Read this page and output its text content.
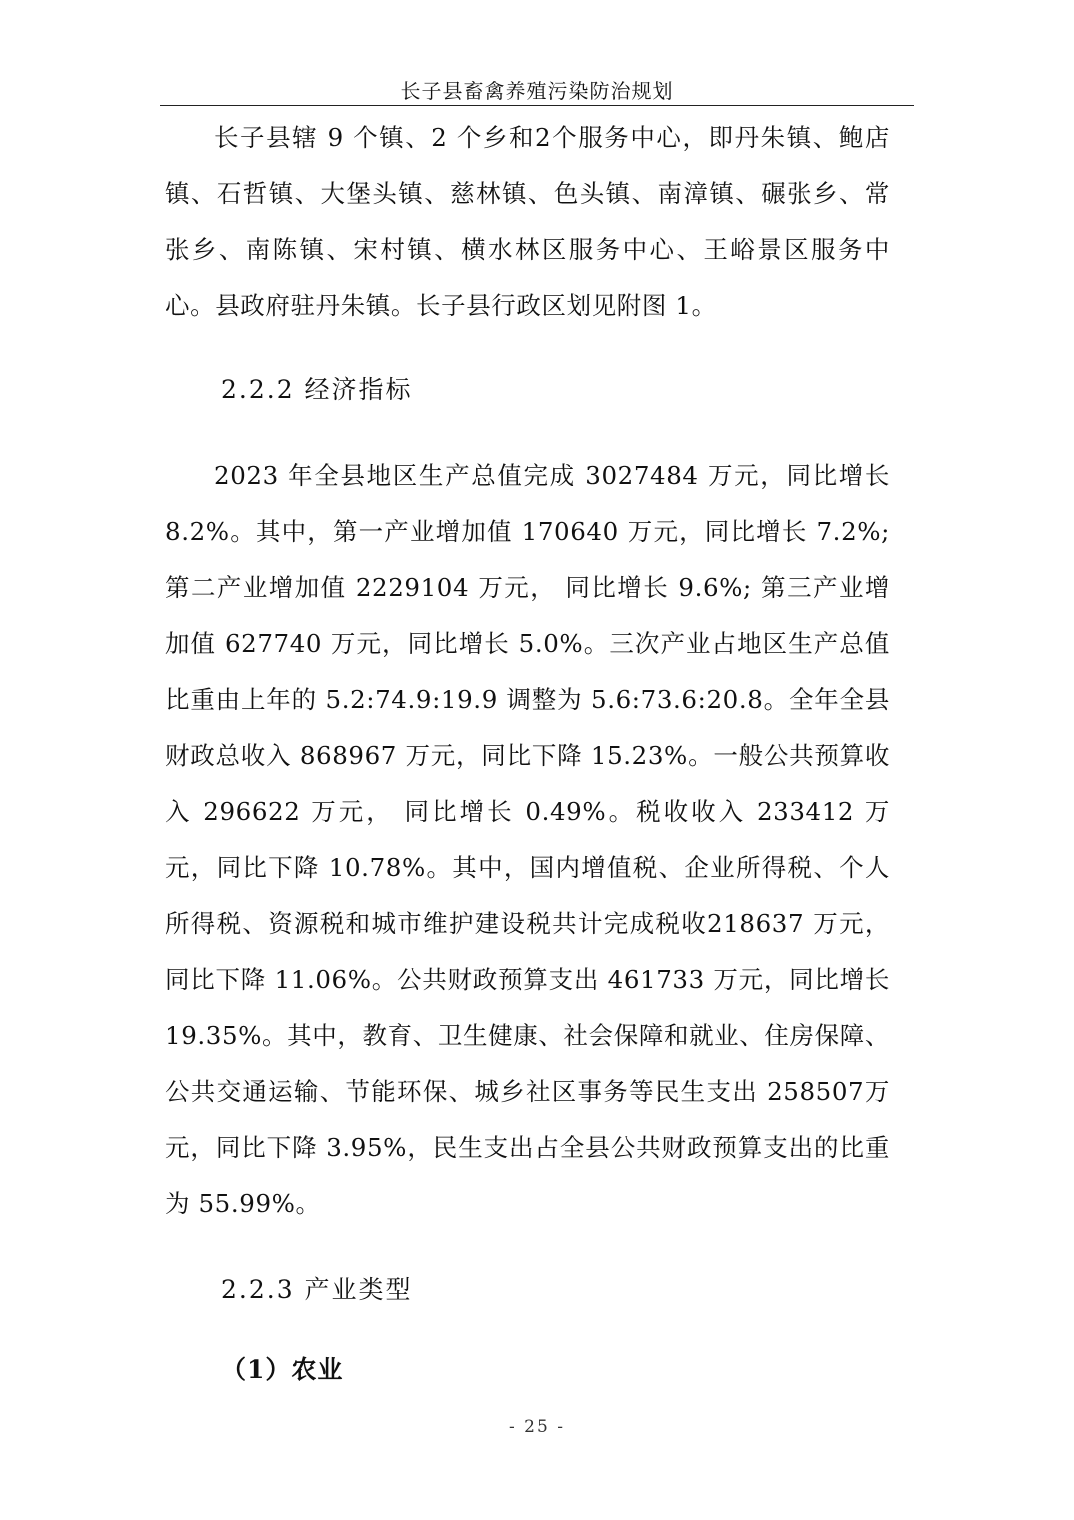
长子县畜禽养殖污染防治规划

长子县辖 9 个镇、2 个乡和2个服务中心，即丹朱镇、鲍店镇、石哲镇、大堡头镇、慈林镇、色头镇、南漳镇、碾张乡、常张乡、南陈镇、宋村镇、横水林区服务中心、王峪景区服务中心。县政府驻丹朱镇。长子县行政区划见附图 1。

2.2.2 经济指标

2023 年全县地区生产总值完成 3027484 万元，同比增长 8.2%。其中，第一产业增加值 170640 万元，同比增长 7.2%; 第二产业增加值 2229104 万元， 同比增长 9.6%; 第三产业增加值 627740 万元，同比增长 5.0%。三次产业占地区生产总值比重由上年的 5.2:74.9:19.9 调整为 5.6:73.6:20.8。全年全县财政总收入 868967 万元，同比下降 15.23%。一般公共预算收入 296622 万元， 同比增长 0.49%。税收收入 233412 万元，同比下降 10.78%。其中，国内增值税、企业所得税、个人所得税、资源税和城市维护建设税共计完成税收218637 万元，同比下降 11.06%。公共财政预算支出 461733 万元，同比增长 19.35%。其中，教育、卫生健康、社会保障和就业、住房保障、公共交通运输、节能环保、城乡社区事务等民生支出 258507万元，同比下降 3.95%，民生支出占全县公共财政预算支出的比重为 55.99%。

2.2.3 产业类型
（1）农业
- 25 -
